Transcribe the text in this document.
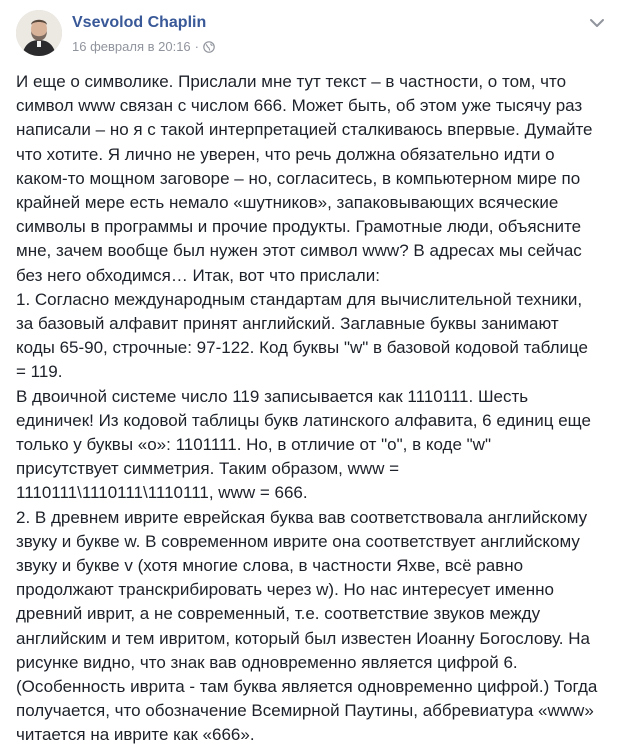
Vsevolod Chaplin
16 февраля в 20:16 ·

И еще о символике. Прислали мне тут текст – в частности, о том, что

символ www связан с числом 666. Может быть, об этом уже тысячу раз

написали – но я с такой интерпретацией сталкиваюсь впервые. Думайте

что хотите. Я лично не уверен, что речь должна обязательно идти о

каком-то мощном заговоре – но, согласитесь, в компьютерном мире по

крайней мере есть немало «шутников», запаковывающих всяческие

символы в программы и прочие продукты. Грамотные люди, объясните

мне, зачем вообще был нужен этот символ www? В адресах мы сейчас

без него обходимся… Итак, вот что прислали:

1. Согласно международным стандартам для вычислительной техники,

за базовый алфавит принят английский. Заглавные буквы занимают

коды 65-90, строчные: 97-122. Код буквы "w" в базовой кодовой таблице

= 119.

В двоичной системе число 119 записывается как 1110111. Шесть

единичек! Из кодовой таблицы букв латинского алфавита, 6 единиц еще

только у буквы «о»: 1101111. Но, в отличие от "о", в коде "w"

присутствует симметрия. Таким образом, www =

1110111\1110111\1110111, www = 666.

2. В древнем иврите еврейская буква вав соответствовала английскому

звуку и букве w. В современном иврите она соответствует английскому

звуку и букве v (хотя многие слова, в частности Яхве, всё равно

продолжают транскрибировать через w). Но нас интересует именно

древний иврит, а не современный, т.е. соответствие звуков между

английским и тем ивритом, который был известен Иоанну Богослову. На

рисунке видно, что знак вав одновременно является цифрой 6.

(Особенность иврита - там буква является одновременно цифрой.) Тогда

получается, что обозначение Всемирной Паутины, аббревиатура «www»

читается на иврите как «666».
